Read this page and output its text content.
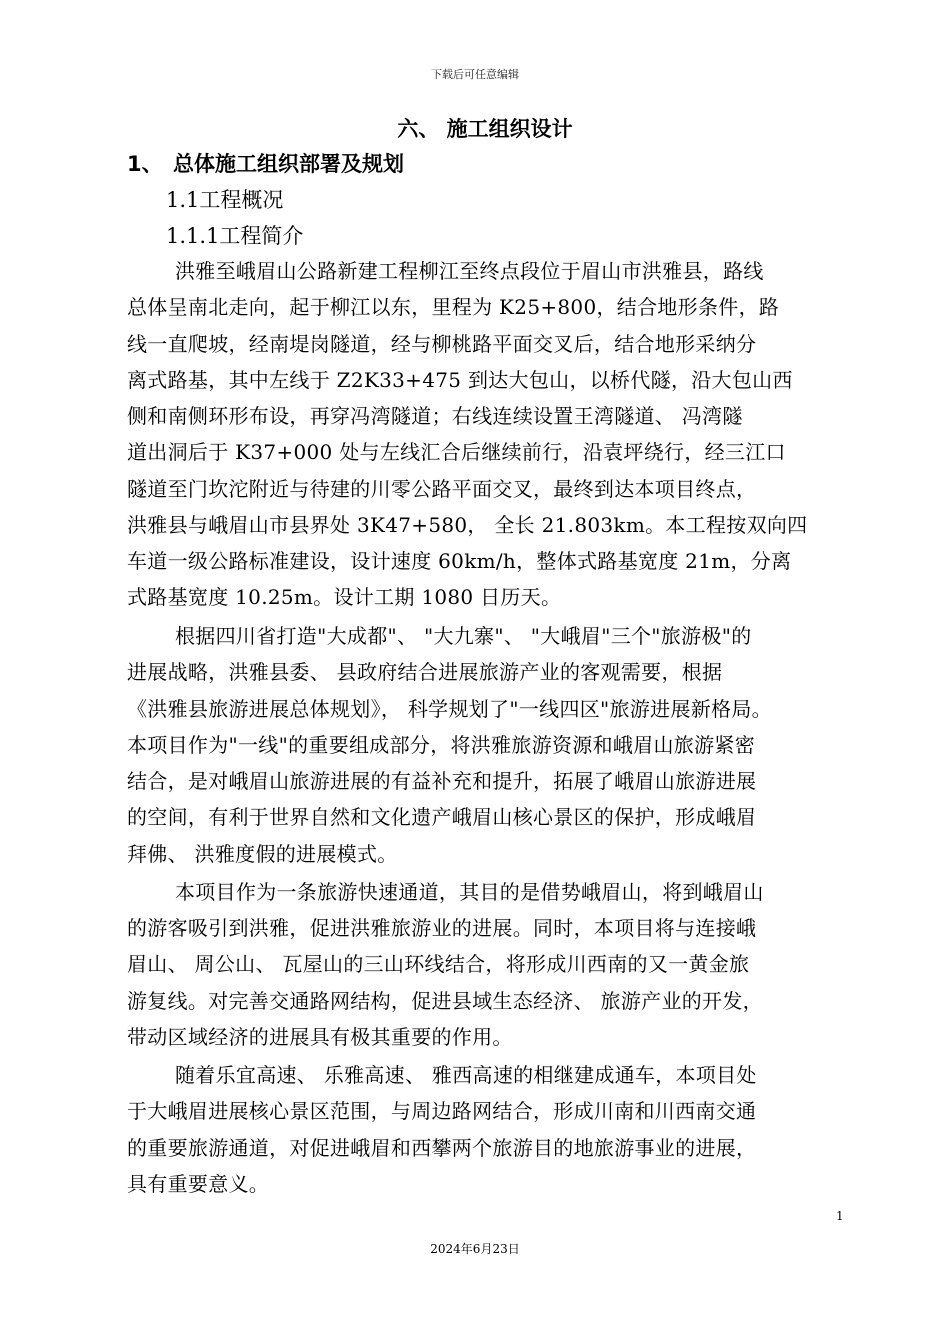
下载后可任意编辑
六、 施工组织设计
1、 总体施工组织部署及规划
1.1工程概况
1.1.1工程简介
洪雅至峨眉山公路新建工程柳江至终点段位于眉山市洪雅县，路线
总体呈南北走向，起于柳江以东，里程为 K25+800，结合地形条件，路
线一直爬坡，经南堤岗隧道，经与柳桃路平面交叉后，结合地形采纳分
离式路基，其中左线于 Z2K33+475 到达大包山，以桥代隧，沿大包山西
侧和南侧环形布设，再穿冯湾隧道；右线连续设置王湾隧道、 冯湾隧
道出洞后于 K37+000 处与左线汇合后继续前行，沿袁坪绕行，经三江口
隧道至门坎沱附近与待建的川零公路平面交叉，最终到达本项目终点，
洪雅县与峨眉山市县界处 3K47+580， 全长 21.803km。本工程按双向四
车道一级公路标准建设，设计速度 60km/h，整体式路基宽度 21m，分离
式路基宽度 10.25m。设计工期 1080 日历天。
根据四川省打造"大成都"、 "大九寨"、 "大峨眉"三个"旅游极"的
进展战略，洪雅县委、 县政府结合进展旅游产业的客观需要，根据
《洪雅县旅游进展总体规划》， 科学规划了"一线四区"旅游进展新格局。
本项目作为"一线"的重要组成部分，将洪雅旅游资源和峨眉山旅游紧密
结合，是对峨眉山旅游进展的有益补充和提升，拓展了峨眉山旅游进展
的空间，有利于世界自然和文化遗产峨眉山核心景区的保护，形成峨眉
拜佛、 洪雅度假的进展模式。
本项目作为一条旅游快速通道，其目的是借势峨眉山，将到峨眉山
的游客吸引到洪雅，促进洪雅旅游业的进展。同时，本项目将与连接峨
眉山、 周公山、 瓦屋山的三山环线结合，将形成川西南的又一黄金旅
游复线。对完善交通路网结构，促进县域生态经济、 旅游产业的开发，
带动区域经济的进展具有极其重要的作用。
随着乐宜高速、 乐雅高速、 雅西高速的相继建成通车，本项目处
于大峨眉进展核心景区范围，与周边路网结合，形成川南和川西南交通
的重要旅游通道，对促进峨眉和西攀两个旅游目的地旅游事业的进展，
具有重要意义。
1
2024年6月23日
